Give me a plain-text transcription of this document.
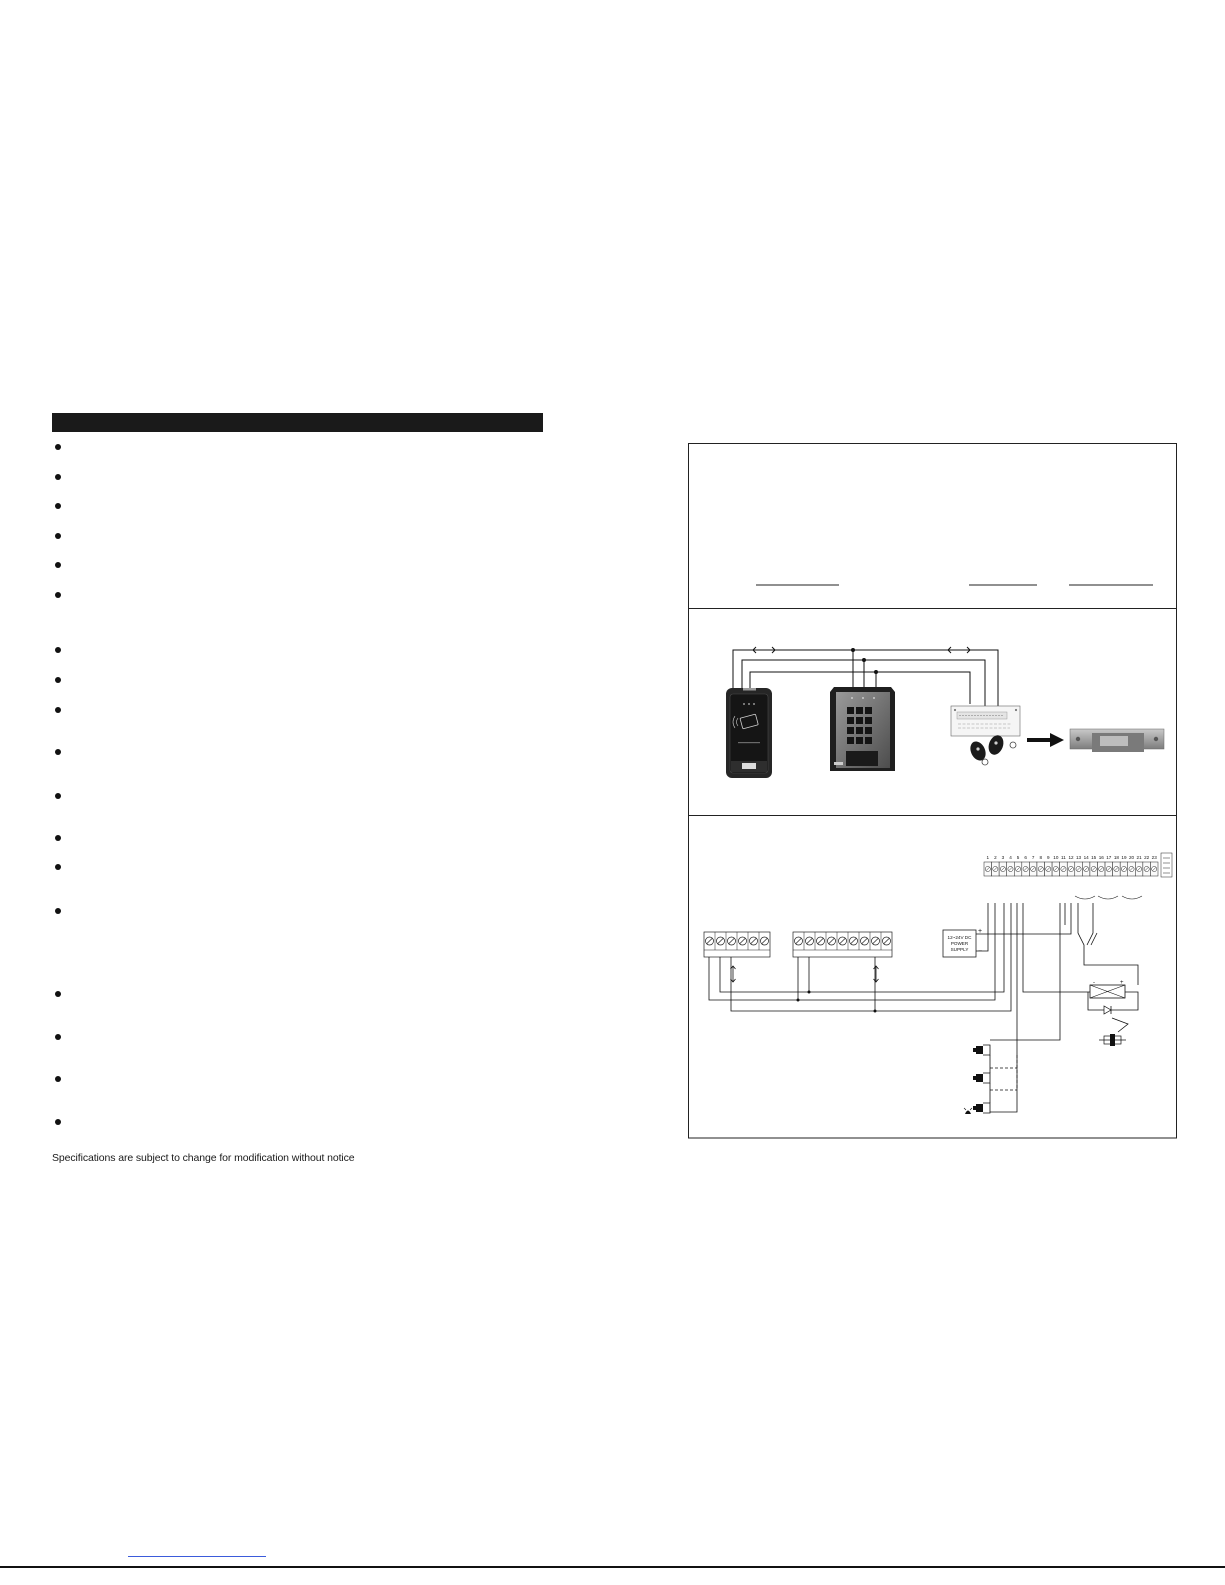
Specifications are subject to change for modification without notice
1 2 3 4 5 6 7 8 9 10 11 12 13 14 15 16 17 18 19 20 21 22 23
12~24V DC
POWER
SUPPLY
+
−
-	+
